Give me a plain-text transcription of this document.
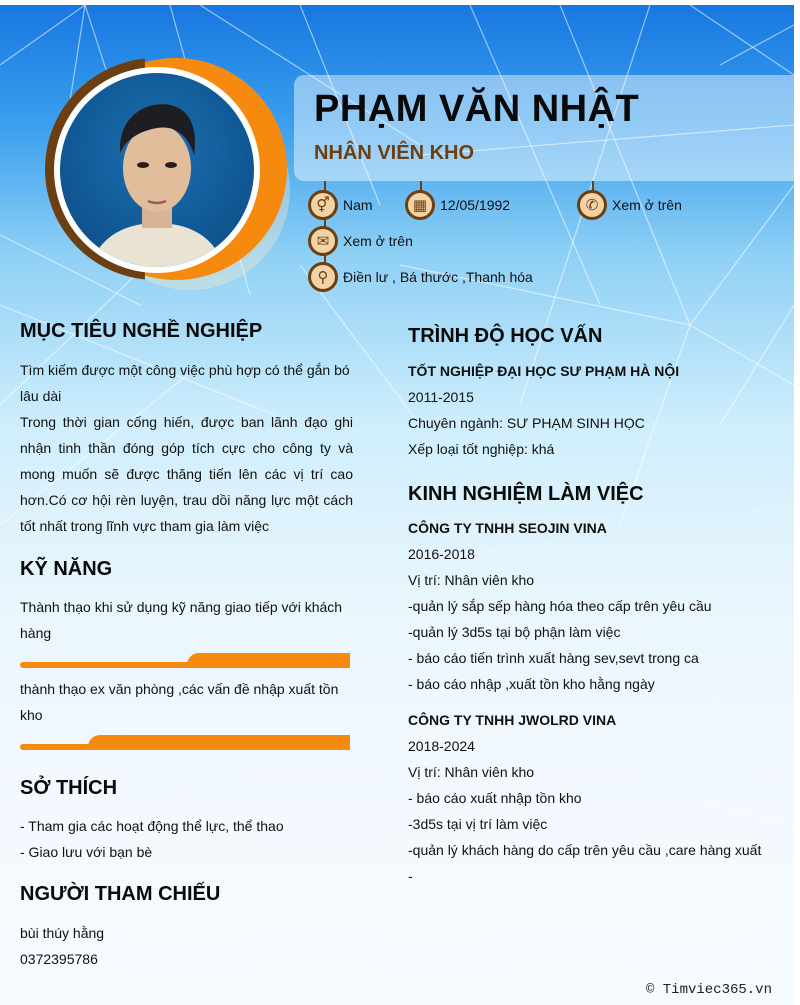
PHẠM VĂN NHẬT
NHÂN VIÊN KHO
⚥ Nam	▦ 12/05/1992	✆ Xem ở trên
✉ Xem ở trên
⚲	Điền lư , Bá thước ,Thanh hóa
MỤC TIÊU NGHỀ NGHIỆP
Tìm kiếm được một công việc phù hợp có thể gắn bó lâu dài
Trong thời gian cống hiến, được ban lãnh đạo ghi nhận tinh thần đóng góp tích cực cho công ty và mong muốn sẽ được thăng tiến lên các vị trí cao hơn.Có cơ hội rèn luyện, trau dồi năng lực một cách tốt nhất trong lĩnh vực tham gia làm việc
KỸ NĂNG
Thành thạo khi sử dụng kỹ năng giao tiếp với khách hàng
thành thạo ex văn phòng ,các vấn đề nhập xuất tồn kho
SỞ THÍCH
- Tham gia các hoạt động thể lực, thể thao
- Giao lưu với bạn bè
NGƯỜI THAM CHIẾU
bùi thúy hằng
0372395786
TRÌNH ĐỘ HỌC VẤN
TỐT NGHIỆP ĐẠI HỌC SƯ PHẠM HÀ NỘI
2011-2015
Chuyên ngành: SƯ PHẠM SINH HỌC
Xếp loại tốt nghiệp: khá
KINH NGHIỆM LÀM VIỆC
CÔNG TY TNHH SEOJIN VINA
2016-2018
Vị trí: Nhân viên kho
-quản lý sắp sếp hàng hóa theo cấp trên yêu cầu
-quản lý 3d5s tại bộ phận làm việc
- báo cáo tiến trình xuất hàng sev,sevt trong ca
- báo cáo nhập ,xuất tồn kho hằng ngày
CÔNG TY TNHH JWOLRD VINA
2018-2024
Vị trí: Nhân viên kho
- báo cáo xuất nhập tồn kho
-3d5s tại vị trí làm việc
-quản lý khách hàng do cấp trên yêu cầu ,care hàng xuất
-
© Timviec365.vn
